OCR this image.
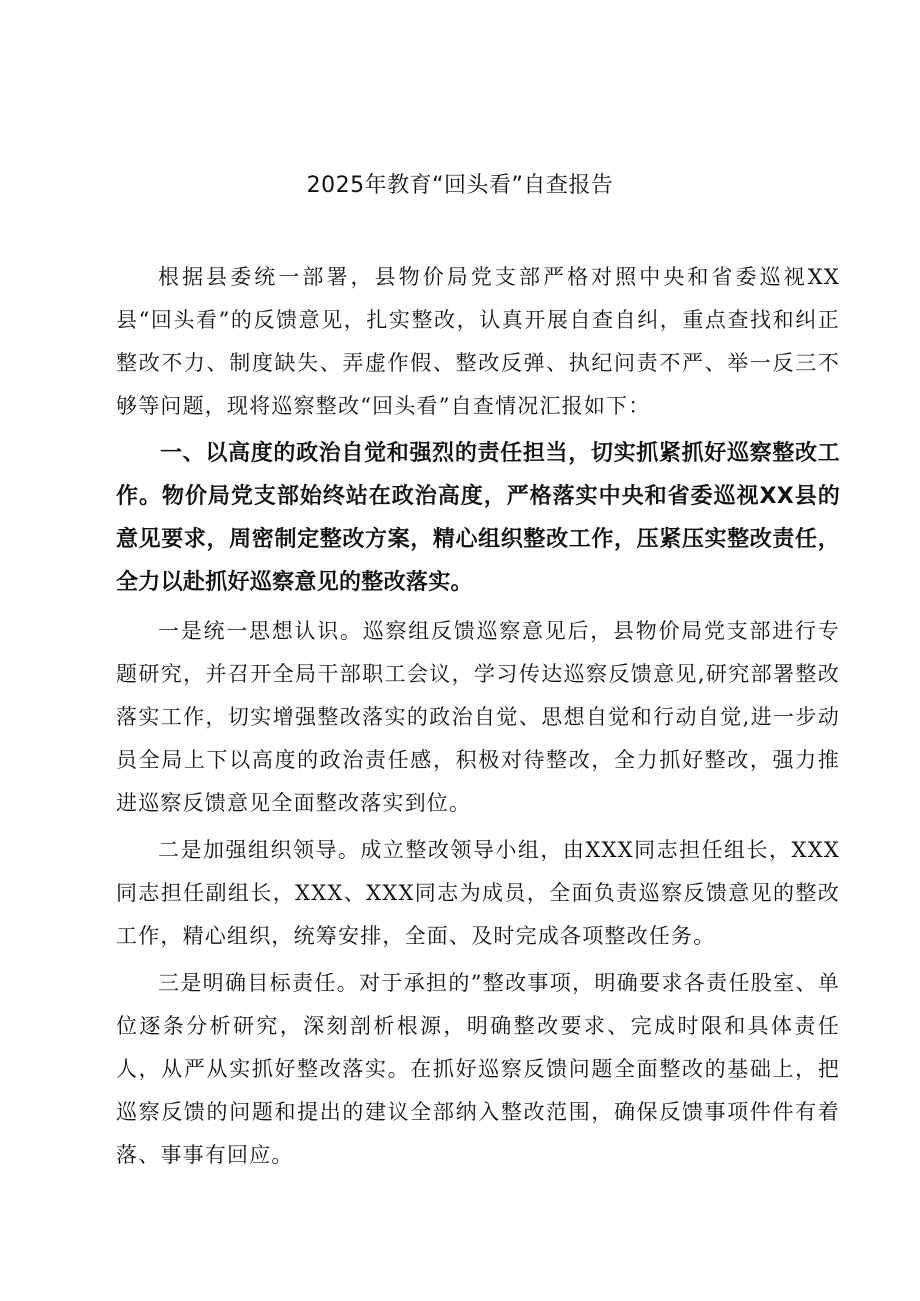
2025年教育“回头看”自查报告

根据县委统一部署，县物价局党支部严格对照中央和省委巡视XX县“回头看”的反馈意见，扎实整改，认真开展自查自纠，重点查找和纠正整改不力、制度缺失、弄虚作假、整改反弹、执纪问责不严、举一反三不够等问题，现将巡察整改“回头看”自查情况汇报如下：

一、以高度的政治自觉和强烈的责任担当，切实抓紧抓好巡察整改工作。物价局党支部始终站在政治高度，严格落实中央和省委巡视XX县的意见要求，周密制定整改方案，精心组织整改工作，压紧压实整改责任，全力以赴抓好巡察意见的整改落实。

一是统一思想认识。巡察组反馈巡察意见后，县物价局党支部进行专题研究，并召开全局干部职工会议，学习传达巡察反馈意见,研究部署整改落实工作，切实增强整改落实的政治自觉、思想自觉和行动自觉,进一步动员全局上下以高度的政治责任感，积极对待整改，全力抓好整改，强力推进巡察反馈意见全面整改落实到位。

二是加强组织领导。成立整改领导小组，由XXX同志担任组长，XXX同志担任副组长，XXX、XXX同志为成员，全面负责巡察反馈意见的整改工作，精心组织，统筹安排，全面、及时完成各项整改任务。

三是明确目标责任。对于承担的”整改事项，明确要求各责任股室、单位逐条分析研究，深刻剖析根源，明确整改要求、完成时限和具体责任人，从严从实抓好整改落实。在抓好巡察反馈问题全面整改的基础上，把巡察反馈的问题和提出的建议全部纳入整改范围，确保反馈事项件件有着落、事事有回应。
